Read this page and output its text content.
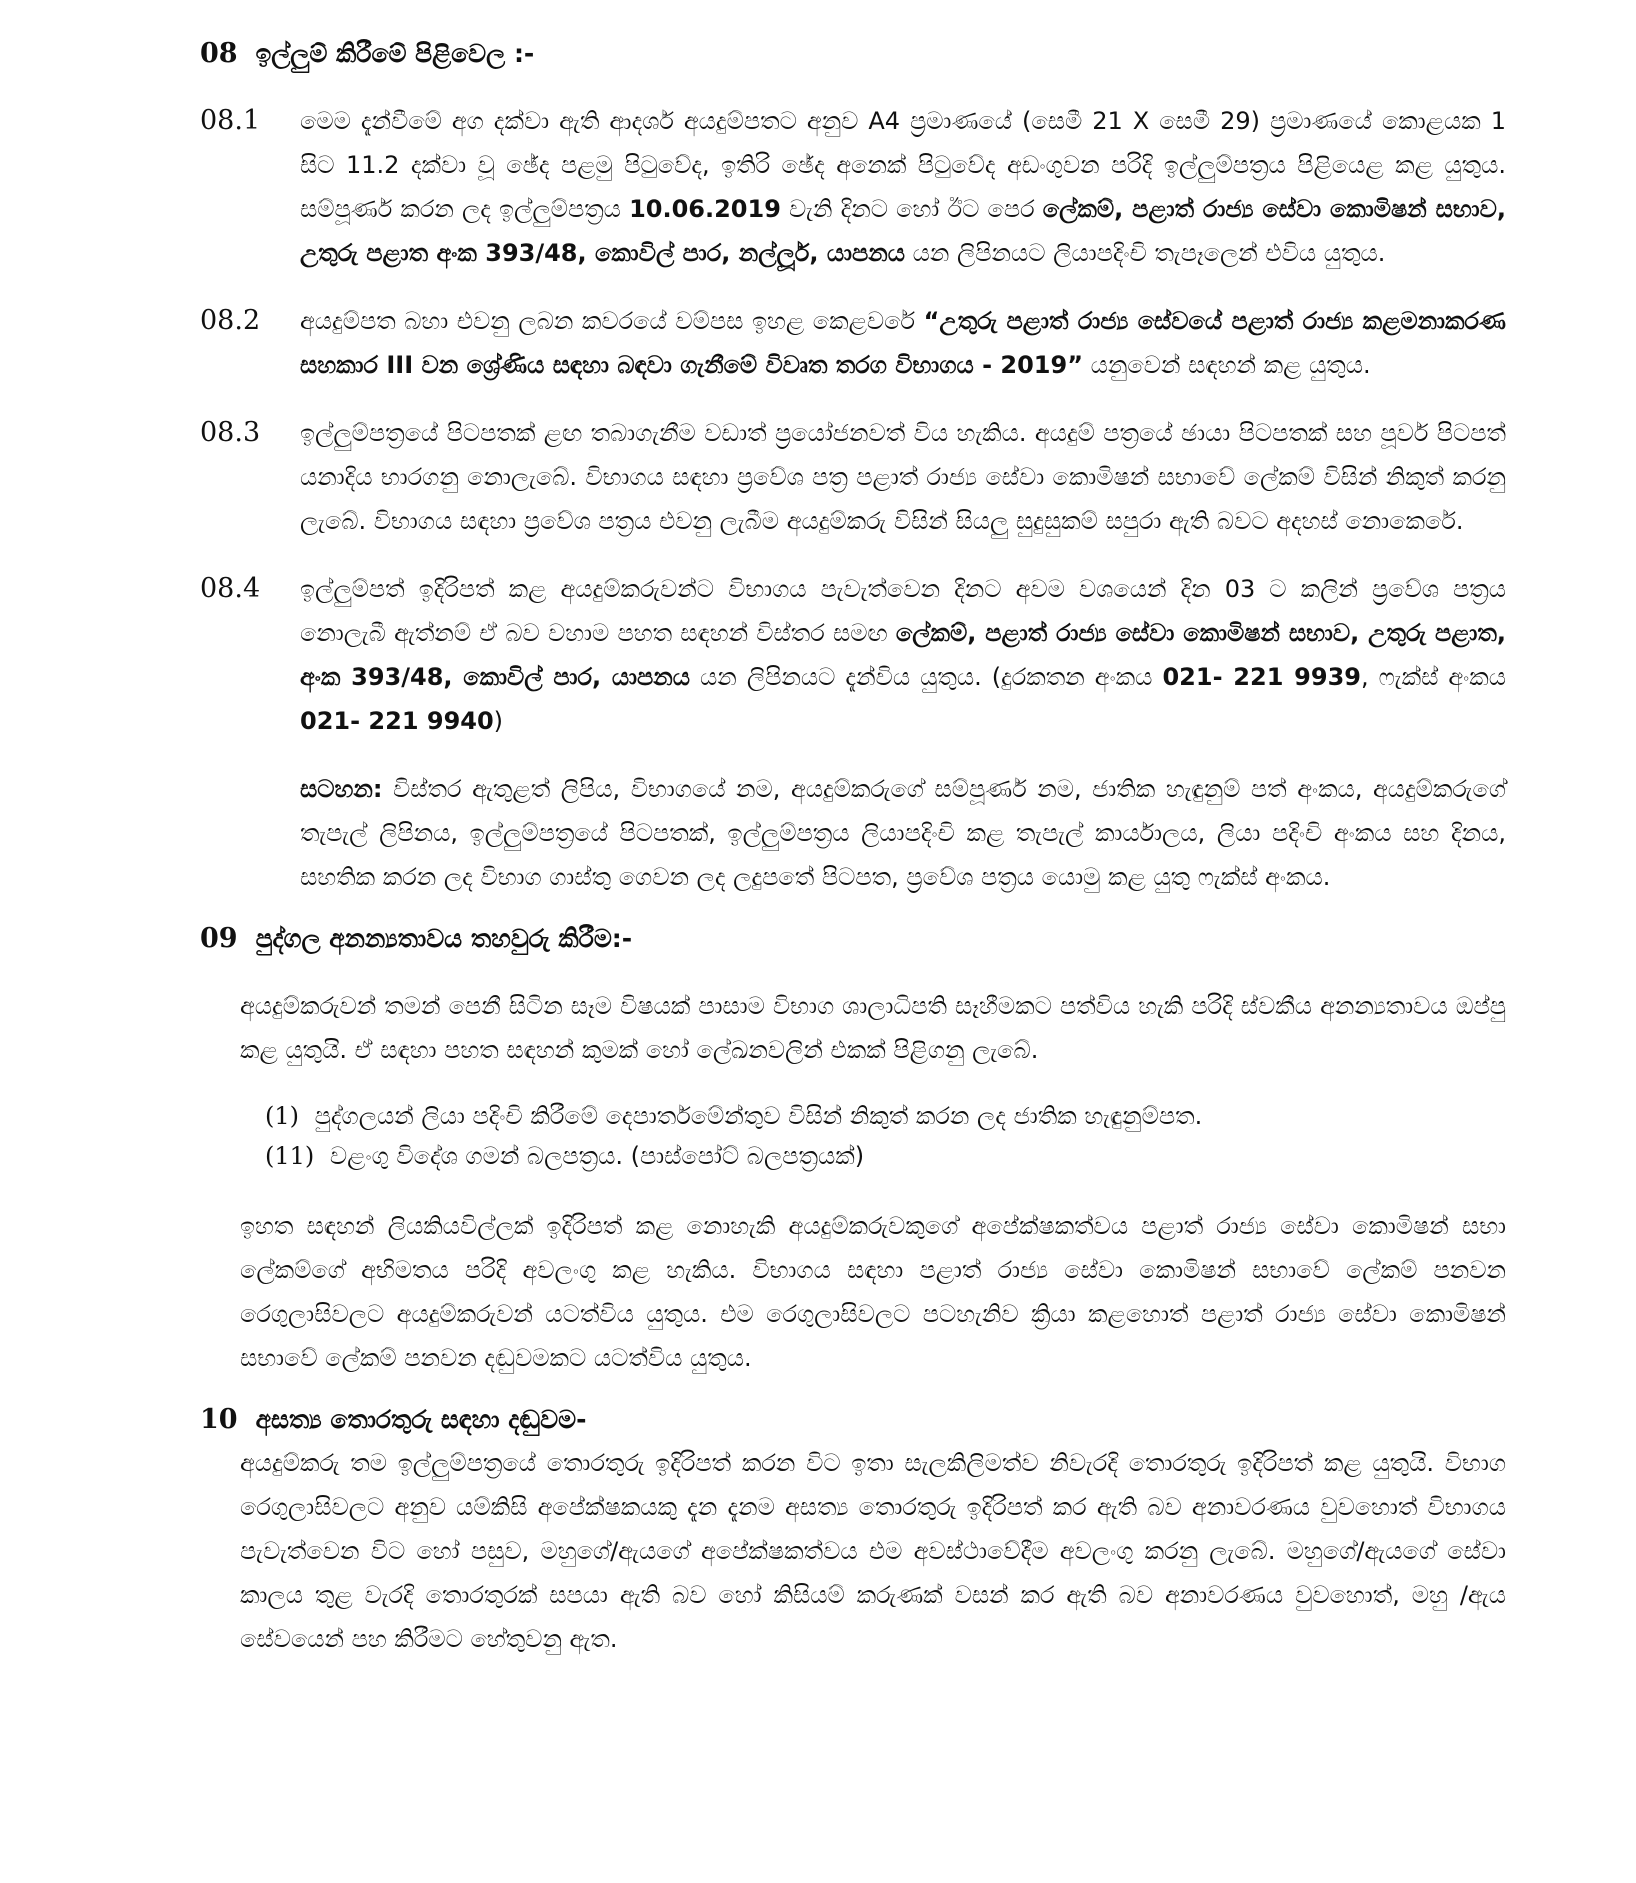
08 ඉල්ලුම් කිරීමේ පිළිවෙල :-
08.1	මෙම දැන්වීමේ අග දක්වා ඇති ආදර්ශ අයදුම්පතට අනුව A4 ප්‍රමාණයේ (සෙමී 21 X සෙමී 29) ප්‍රමාණයේ කොළයක 1 සිට 11.2 දක්වා වූ ඡේද පළමු පිටුවේද, ඉතිරි ඡේද අනෙක් පිටුවේද අඩංගුවන පරිදි ඉල්ලුම්පත්‍රය පිළියෙළ කළ යුතුය. සම්පූර්ණ කරන ලද ඉල්ලුම්පත්‍රය 10.06.2019 වැනි දිනට හෝ ඊට පෙර ලේකම්, පළාත් රාජ්‍ය සේවා කොමිෂන් සභාව, උතුරු පළාත අංක 393/48, කොවිල් පාර, නල්ලූර්, යාපනය යන ලිපිනයට ලියාපදිංචි තැපෑලෙන් එවිය යුතුය.
08.2	අයදුම්පත බහා එවනු ලබන කවරයේ වම්පස ඉහළ කෙළවරේ “උතුරු පළාත් රාජ්‍ය සේවයේ පළාත් රාජ්‍ය කළමනාකරණ සහකාර III වන ශ්‍රේණිය සඳහා බඳවා ගැනීමේ විවෘත තරග විභාගය - 2019” යනුවෙන් සඳහන් කළ යුතුය.
08.3	ඉල්ලුම්පත්‍රයේ පිටපතක් ළඟ තබාගැනීම වඩාත් ප්‍රයෝජනවත් විය හැකිය. අයදුම් පත්‍රයේ ඡායා පිටපතක් සහ පූර්ව පිටපත් යනාදිය භාරගනු නොලැබේ. විභාගය සඳහා ප්‍රවේශ පත්‍ර පළාත් රාජ්‍ය සේවා කොමිෂන් සභාවේ ලේකම් විසින් නිකුත් කරනු ලැබේ. විභාගය සඳහා ප්‍රවේශ පත්‍රය එවනු ලැබීම අයදුම්කරු විසින් සියලු සුදුසුකම් සපුරා ඇති බවට අදහස් නොකෙරේ.
08.4	ඉල්ලුම්පත් ඉදිරිපත් කළ අයදුම්කරුවන්ට විභාගය පැවැත්වෙන දිනට අවම වශයෙන් දින 03 ට කලින් ප්‍රවේශ පත්‍රය නොලැබී ඇත්නම් ඒ බව වහාම පහත සඳහන් විස්තර සමඟ ලේකම්, පළාත් රාජ්‍ය සේවා කොමිෂන් සභාව, උතුරු පළාත, අංක 393/48, කොවිල් පාර, යාපනය යන ලිපිනයට දැන්විය යුතුය. (දුරකතන අංකය 021- 221 9939, ෆැක්ස් අංකය 021- 221 9940)
සටහන: විස්තර ඇතුළත් ලිපිය, විභාගයේ නම, අයදුම්කරුගේ සම්පූර්ණ නම, ජාතික හැඳුනුම් පත් අංකය, අයදුම්කරුගේ තැපැල් ලිපිනය, ඉල්ලුම්පත්‍රයේ පිටපතක්, ඉල්ලුම්පත්‍රය ලියාපදිංචි කළ තැපැල් කාර්යාලය, ලියා පදිංචි අංකය සහ දිනය, සහතික කරන ලද විභාග ගාස්තු ගෙවන ලද ලදුපතේ පිටපත, ප්‍රවේශ පත්‍රය යොමු කළ යුතු ෆැක්ස් අංකය.
09 පුද්ගල අනන්‍යතාවය තහවුරු කිරීම:-
අයදුම්කරුවන් තමන් පෙනී සිටින සෑම විෂයක් පාසාම විභාග ශාලාධිපති සෑහීමකට පත්විය හැකි පරිදි ස්වකීය අනන්‍යතාවය ඔප්පු කළ යුතුයි. ඒ සඳහා පහත සඳහන් කුමක් හෝ ලේඛනවලින් එකක් පිළිගනු ලැබේ.
(1) පුද්ගලයන් ලියා පදිංචි කිරීමේ දෙපාර්තමේන්තුව විසින් නිකුත් කරන ලද ජාතික හැඳුනුම්පත.
(11) වළංගු විදේශ ගමන් බලපත්‍රය. (පාස්පෝට් බලපත්‍රයක්)
ඉහත සඳහන් ලියකියවිල්ලක් ඉදිරිපත් කළ නොහැකි අයදුම්කරුවකුගේ අපේක්ෂකත්වය පළාත් රාජ්‍ය සේවා කොමිෂන් සභා ලේකම්ගේ අභිමතය පරිදි අවලංගු කළ හැකිය. විභාගය සඳහා පළාත් රාජ්‍ය සේවා කොමිෂන් සභාවේ ලේකම් පනවන රෙගුලාසිවලට අයදුම්කරුවන් යටත්විය යුතුය. එම රෙගුලාසිවලට පටහැනිව ක්‍රියා කළහොත් පළාත් රාජ්‍ය සේවා කොමිෂන් සභාවේ ලේකම් පනවන දඬුවමකට යටත්විය යුතුය.
10 අසත්‍ය තොරතුරු සඳහා දඬුවම-
අයදුම්කරු තම ඉල්ලුම්පත්‍රයේ තොරතුරු ඉදිරිපත් කරන විට ඉතා සැලකිලිමත්ව නිවැරදි තොරතුරු ඉදිරිපත් කළ යුතුයි. විභාග රෙගුලාසිවලට අනුව යම්කිසි අපේක්ෂකයකු දැන දැනම අසත්‍ය තොරතුරු ඉදිරිපත් කර ඇති බව අනාවරණය වුවහොත් විභාගය පැවැත්වෙන විට හෝ පසුව, මහුගේ/ඇයගේ අපේක්ෂකත්වය එම අවස්ථාවේදීම අවලංගු කරනු ලැබේ. මහුගේ/ඇයගේ සේවා කාලය තුළ වැරදි තොරතුරක් සපයා ඇති බව හෝ කිසියම් කරුණක් වසන් කර ඇති බව අනාවරණය වුවහොත්, මහු /ඇය සේවයෙන් පහ කිරීමට හේතුවනු ඇත.
